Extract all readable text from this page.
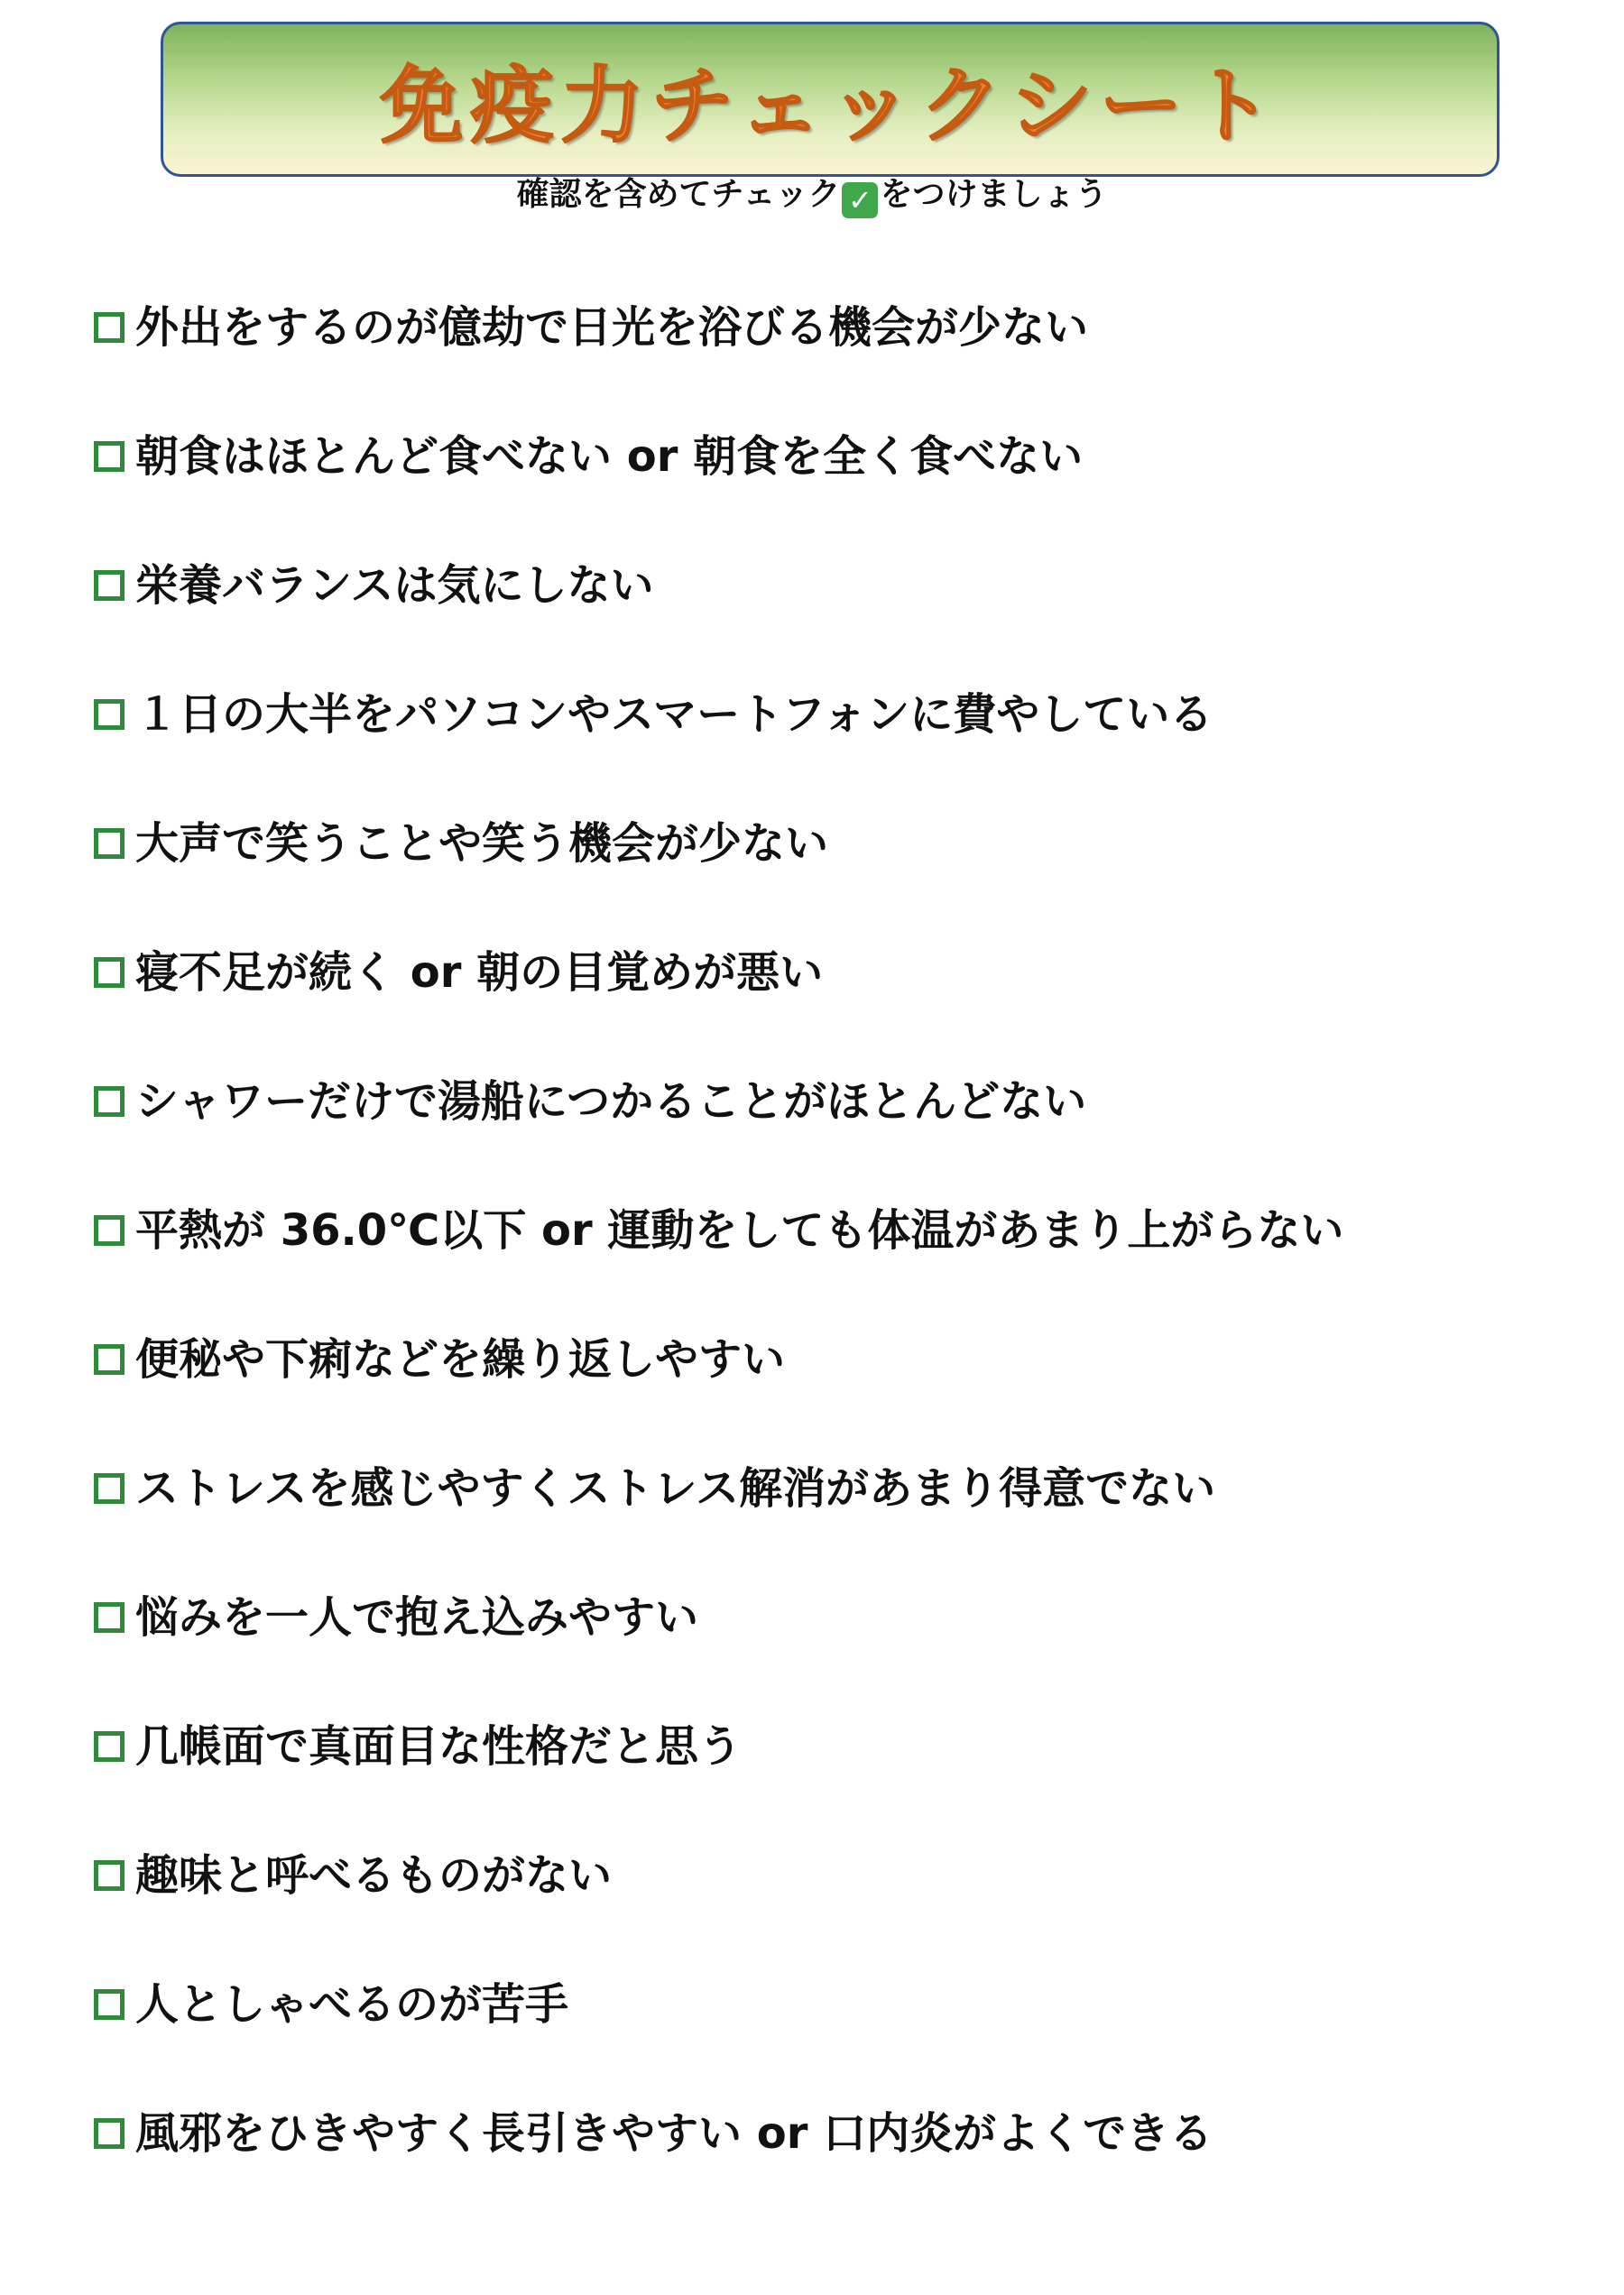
免疫力チェックシート
確認を含めてチェック ✓ をつけましょう
外出をするのが億劫で日光を浴びる機会が少ない
朝食はほとんど食べない or 朝食を全く食べない
栄養バランスは気にしない
１日の大半をパソコンやスマートフォンに費やしている
大声で笑うことや笑う機会が少ない
寝不足が続く or 朝の目覚めが悪い
シャワーだけで湯船につかることがほとんどない
平熱が 36.0℃以下 or 運動をしても体温があまり上がらない
便秘や下痢などを繰り返しやすい
ストレスを感じやすくストレス解消があまり得意でない
悩みを一人で抱え込みやすい
几帳面で真面目な性格だと思う
趣味と呼べるものがない
人としゃべるのが苦手
風邪をひきやすく長引きやすい or 口内炎がよくできる
